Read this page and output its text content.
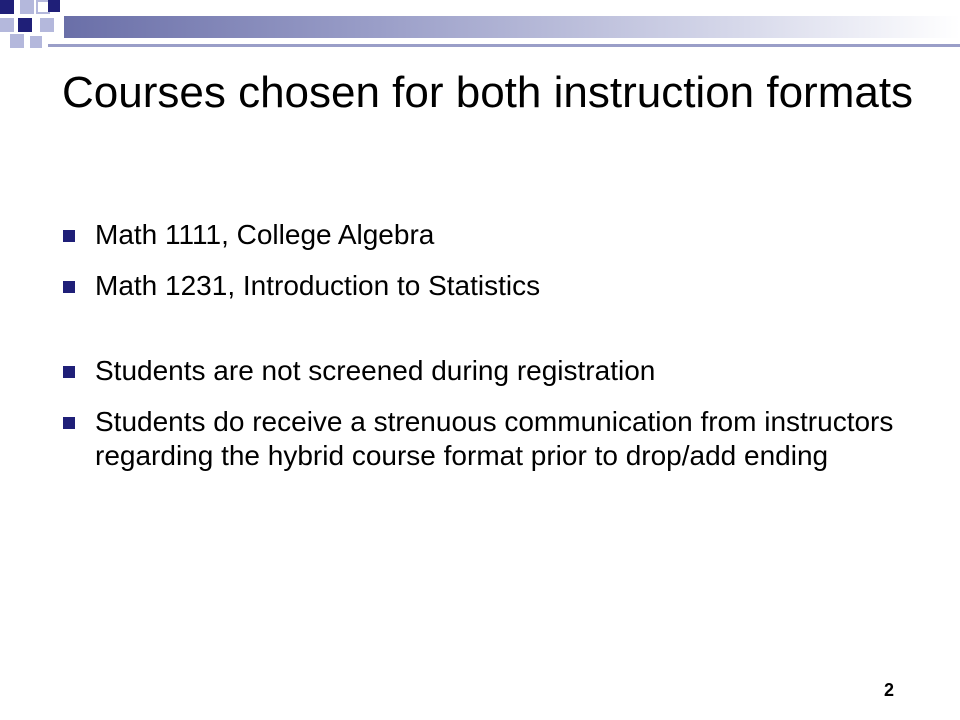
Courses chosen for both instruction formats
Math 1111, College Algebra
Math 1231, Introduction to Statistics
Students are not screened during registration
Students do receive a strenuous communication from instructors regarding the hybrid course format prior to drop/add ending
2
